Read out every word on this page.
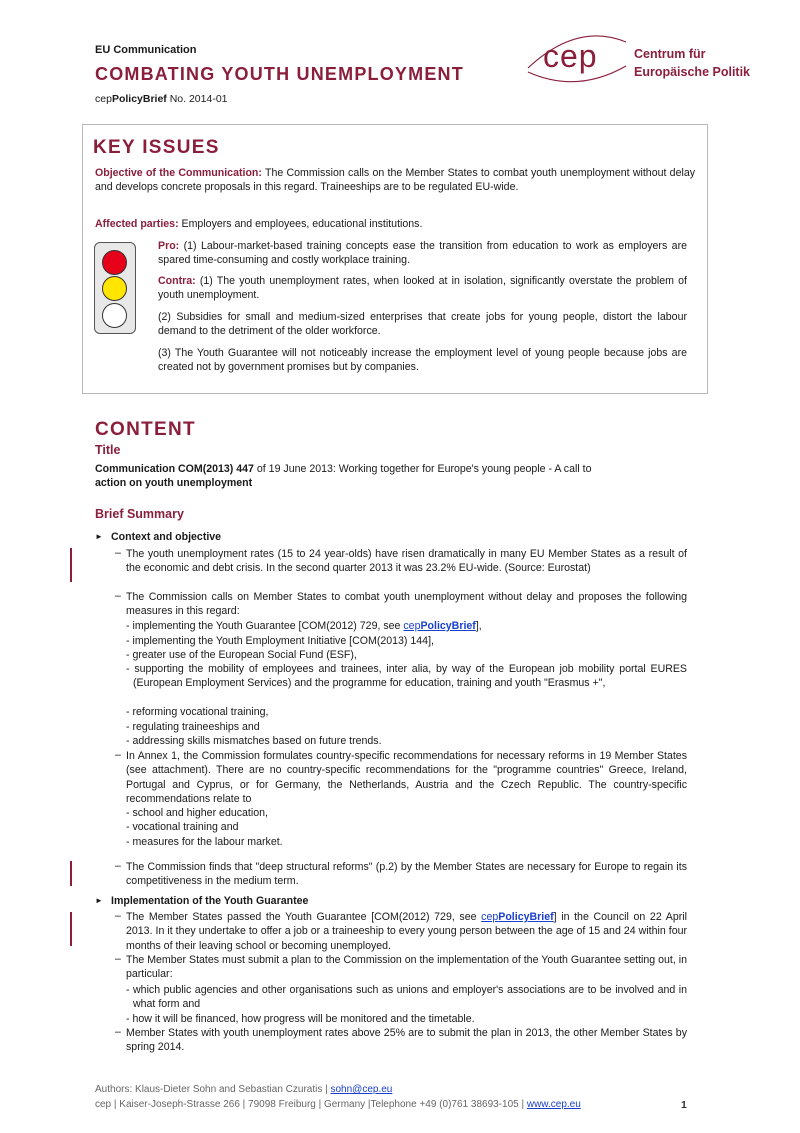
EU Communication
COMBATING YOUTH UNEMPLOYMENT
cepPolicyBrief No. 2014-01
cep	Centrum für
Europäische Politik
KEY ISSUES
Objective of the Communication: The Commission calls on the Member States to combat youth unemployment without delay and develops concrete proposals in this regard. Traineeships are to be regulated EU-wide.
Affected parties: Employers and employees, educational institutions.
Pro: (1) Labour-market-based training concepts ease the transition from education to work as employers are spared time-consuming and costly workplace training.
Contra: (1) The youth unemployment rates, when looked at in isolation, significantly overstate the problem of youth unemployment.
(2) Subsidies for small and medium-sized enterprises that create jobs for young people, distort the labour demand to the detriment of the older workforce.
(3) The Youth Guarantee will not noticeably increase the employment level of young people because jobs are created not by government promises but by companies.
CONTENT
Title
Communication COM(2013) 447 of 19 June 2013: Working together for Europe's young people - A call to
action on youth unemployment
Brief Summary
► Context and objective
– The youth unemployment rates (15 to 24 year-olds) have risen dramatically in many EU Member States as a result of the economic and debt crisis. In the second quarter 2013 it was 23.2% EU-wide. (Source: Eurostat)
– The Commission calls on Member States to combat youth unemployment without delay and proposes the following measures in this regard:
- implementing the Youth Guarantee [COM(2012) 729, see cepPolicyBrief],
- implementing the Youth Employment Initiative [COM(2013) 144],
- greater use of the European Social Fund (ESF),
- supporting the mobility of employees and trainees, inter alia, by way of the European job mobility portal EURES (European Employment Services) and the programme for education, training and youth "Erasmus +",
- reforming vocational training,
- regulating traineeships and
- addressing skills mismatches based on future trends.
– In Annex 1, the Commission formulates country-specific recommendations for necessary reforms in 19 Member States (see attachment). There are no country-specific recommendations for the "programme countries" Greece, Ireland, Portugal and Cyprus, or for Germany, the Netherlands, Austria and the Czech Republic. The country-specific recommendations relate to
- school and higher education,
- vocational training and
- measures for the labour market.
– The Commission finds that "deep structural reforms" (p.2) by the Member States are necessary for Europe to regain its competitiveness in the medium term.
► Implementation of the Youth Guarantee
– The Member States passed the Youth Guarantee [COM(2012) 729, see cepPolicyBrief] in the Council on 22 April 2013. In it they undertake to offer a job or a traineeship to every young person between the age of 15 and 24 within four months of their leaving school or becoming unemployed.
– The Member States must submit a plan to the Commission on the implementation of the Youth Guarantee setting out, in particular:
- which public agencies and other organisations such as unions and employer's associations are to be involved and in what form and
- how it will be financed, how progress will be monitored and the timetable.
– Member States with youth unemployment rates above 25% are to submit the plan in 2013, the other Member States by spring 2014.
Authors: Klaus-Dieter Sohn and Sebastian Czuratis | sohn@cep.eu
cep | Kaiser-Joseph-Strasse 266 | 79098 Freiburg | Germany |Telephone +49 (0)761 38693-105 | www.cep.eu	1
